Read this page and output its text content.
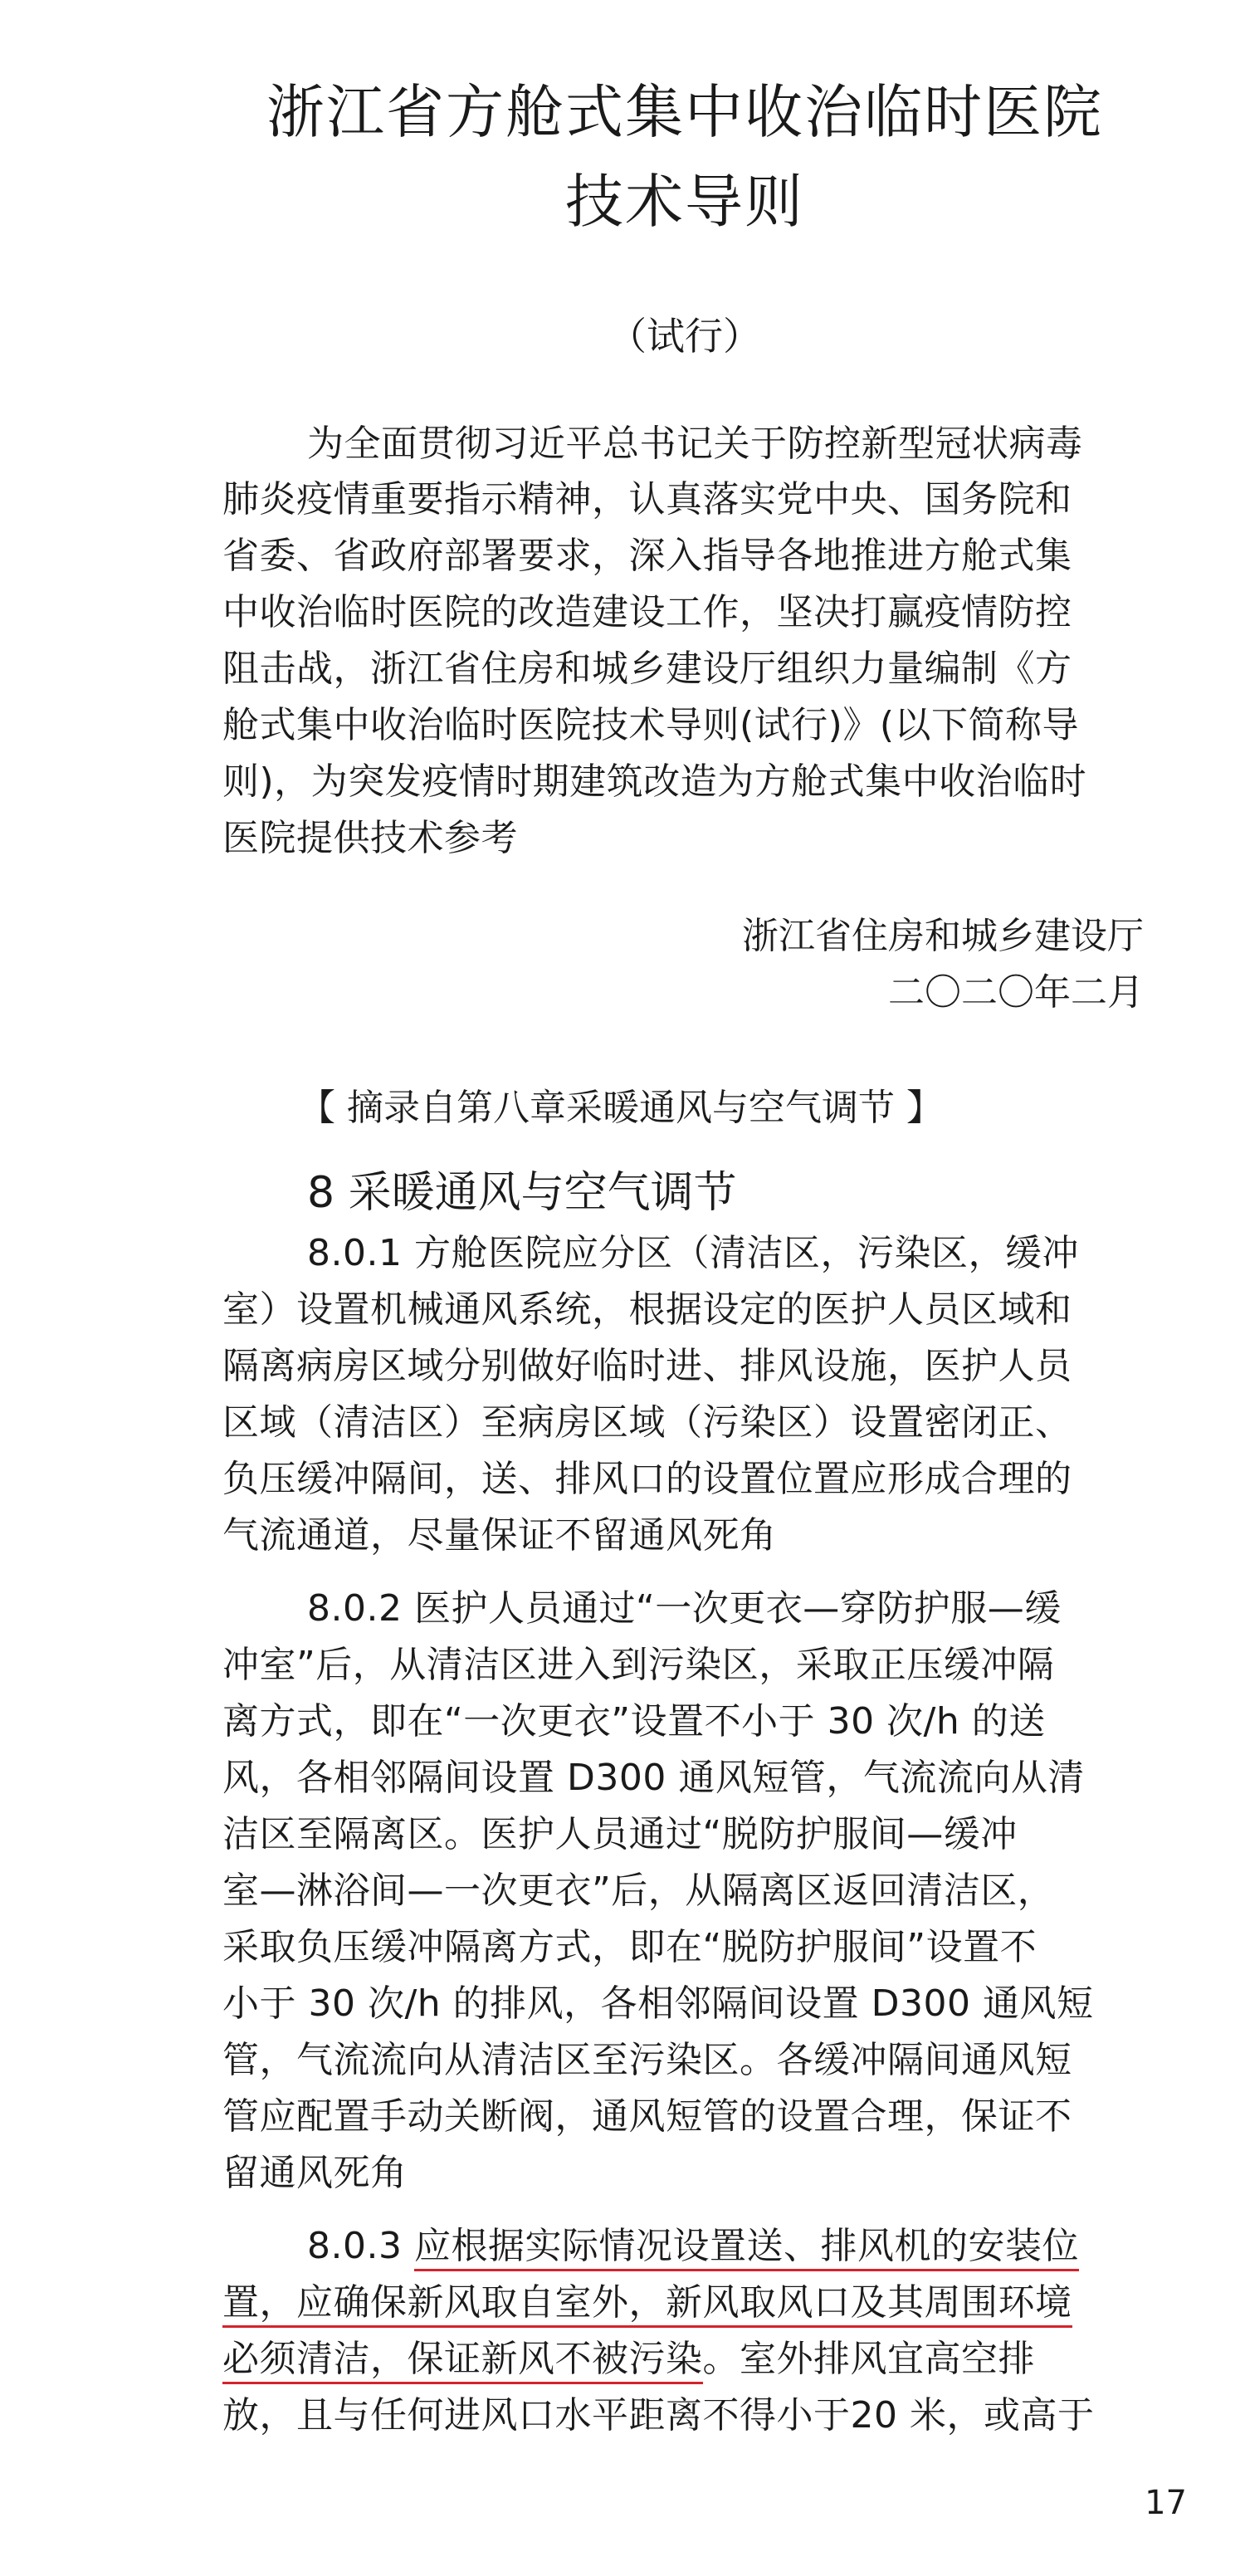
浙江省方舱式集中收治临时医院
技术导则
（试行）
为全面贯彻习近平总书记关于防控新型冠状病毒
肺炎疫情重要指示精神，认真落实党中央、国务院和
省委、省政府部署要求，深入指导各地推进方舱式集
中收治临时医院的改造建设工作，坚决打赢疫情防控
阻击战，浙江省住房和城乡建设厅组织力量编制《方
舱式集中收治临时医院技术导则(试行)》(以下简称导
则)，为突发疫情时期建筑改造为方舱式集中收治临时
医院提供技术参考
浙江省住房和城乡建设厅
二〇二〇年二月
【 摘录自第八章采暖通风与空气调节 】
8 采暖通风与空气调节
8.0.1 方舱医院应分区（清洁区，污染区，缓冲
室）设置机械通风系统，根据设定的医护人员区域和
隔离病房区域分别做好临时进、排风设施，医护人员
区域（清洁区）至病房区域（污染区）设置密闭正、
负压缓冲隔间，送、排风口的设置位置应形成合理的
气流通道，尽量保证不留通风死角
8.0.2 医护人员通过“一次更衣—穿防护服—缓
冲室”后，从清洁区进入到污染区，采取正压缓冲隔
离方式，即在“一次更衣”设置不小于 30 次/h 的送
风，各相邻隔间设置 D300 通风短管，气流流向从清
洁区至隔离区。医护人员通过“脱防护服间—缓冲
室—淋浴间—一次更衣”后，从隔离区返回清洁区，
采取负压缓冲隔离方式，即在“脱防护服间”设置不
小于 30 次/h 的排风，各相邻隔间设置 D300 通风短
管，气流流向从清洁区至污染区。各缓冲隔间通风短
管应配置手动关断阀，通风短管的设置合理，保证不
留通风死角
8.0.3 应根据实际情况设置送、排风机的安装位
置，应确保新风取自室外，新风取风口及其周围环境
必须清洁，保证新风不被污染。室外排风宜高空排
放，且与任何进风口水平距离不得小于20 米，或高于
17
